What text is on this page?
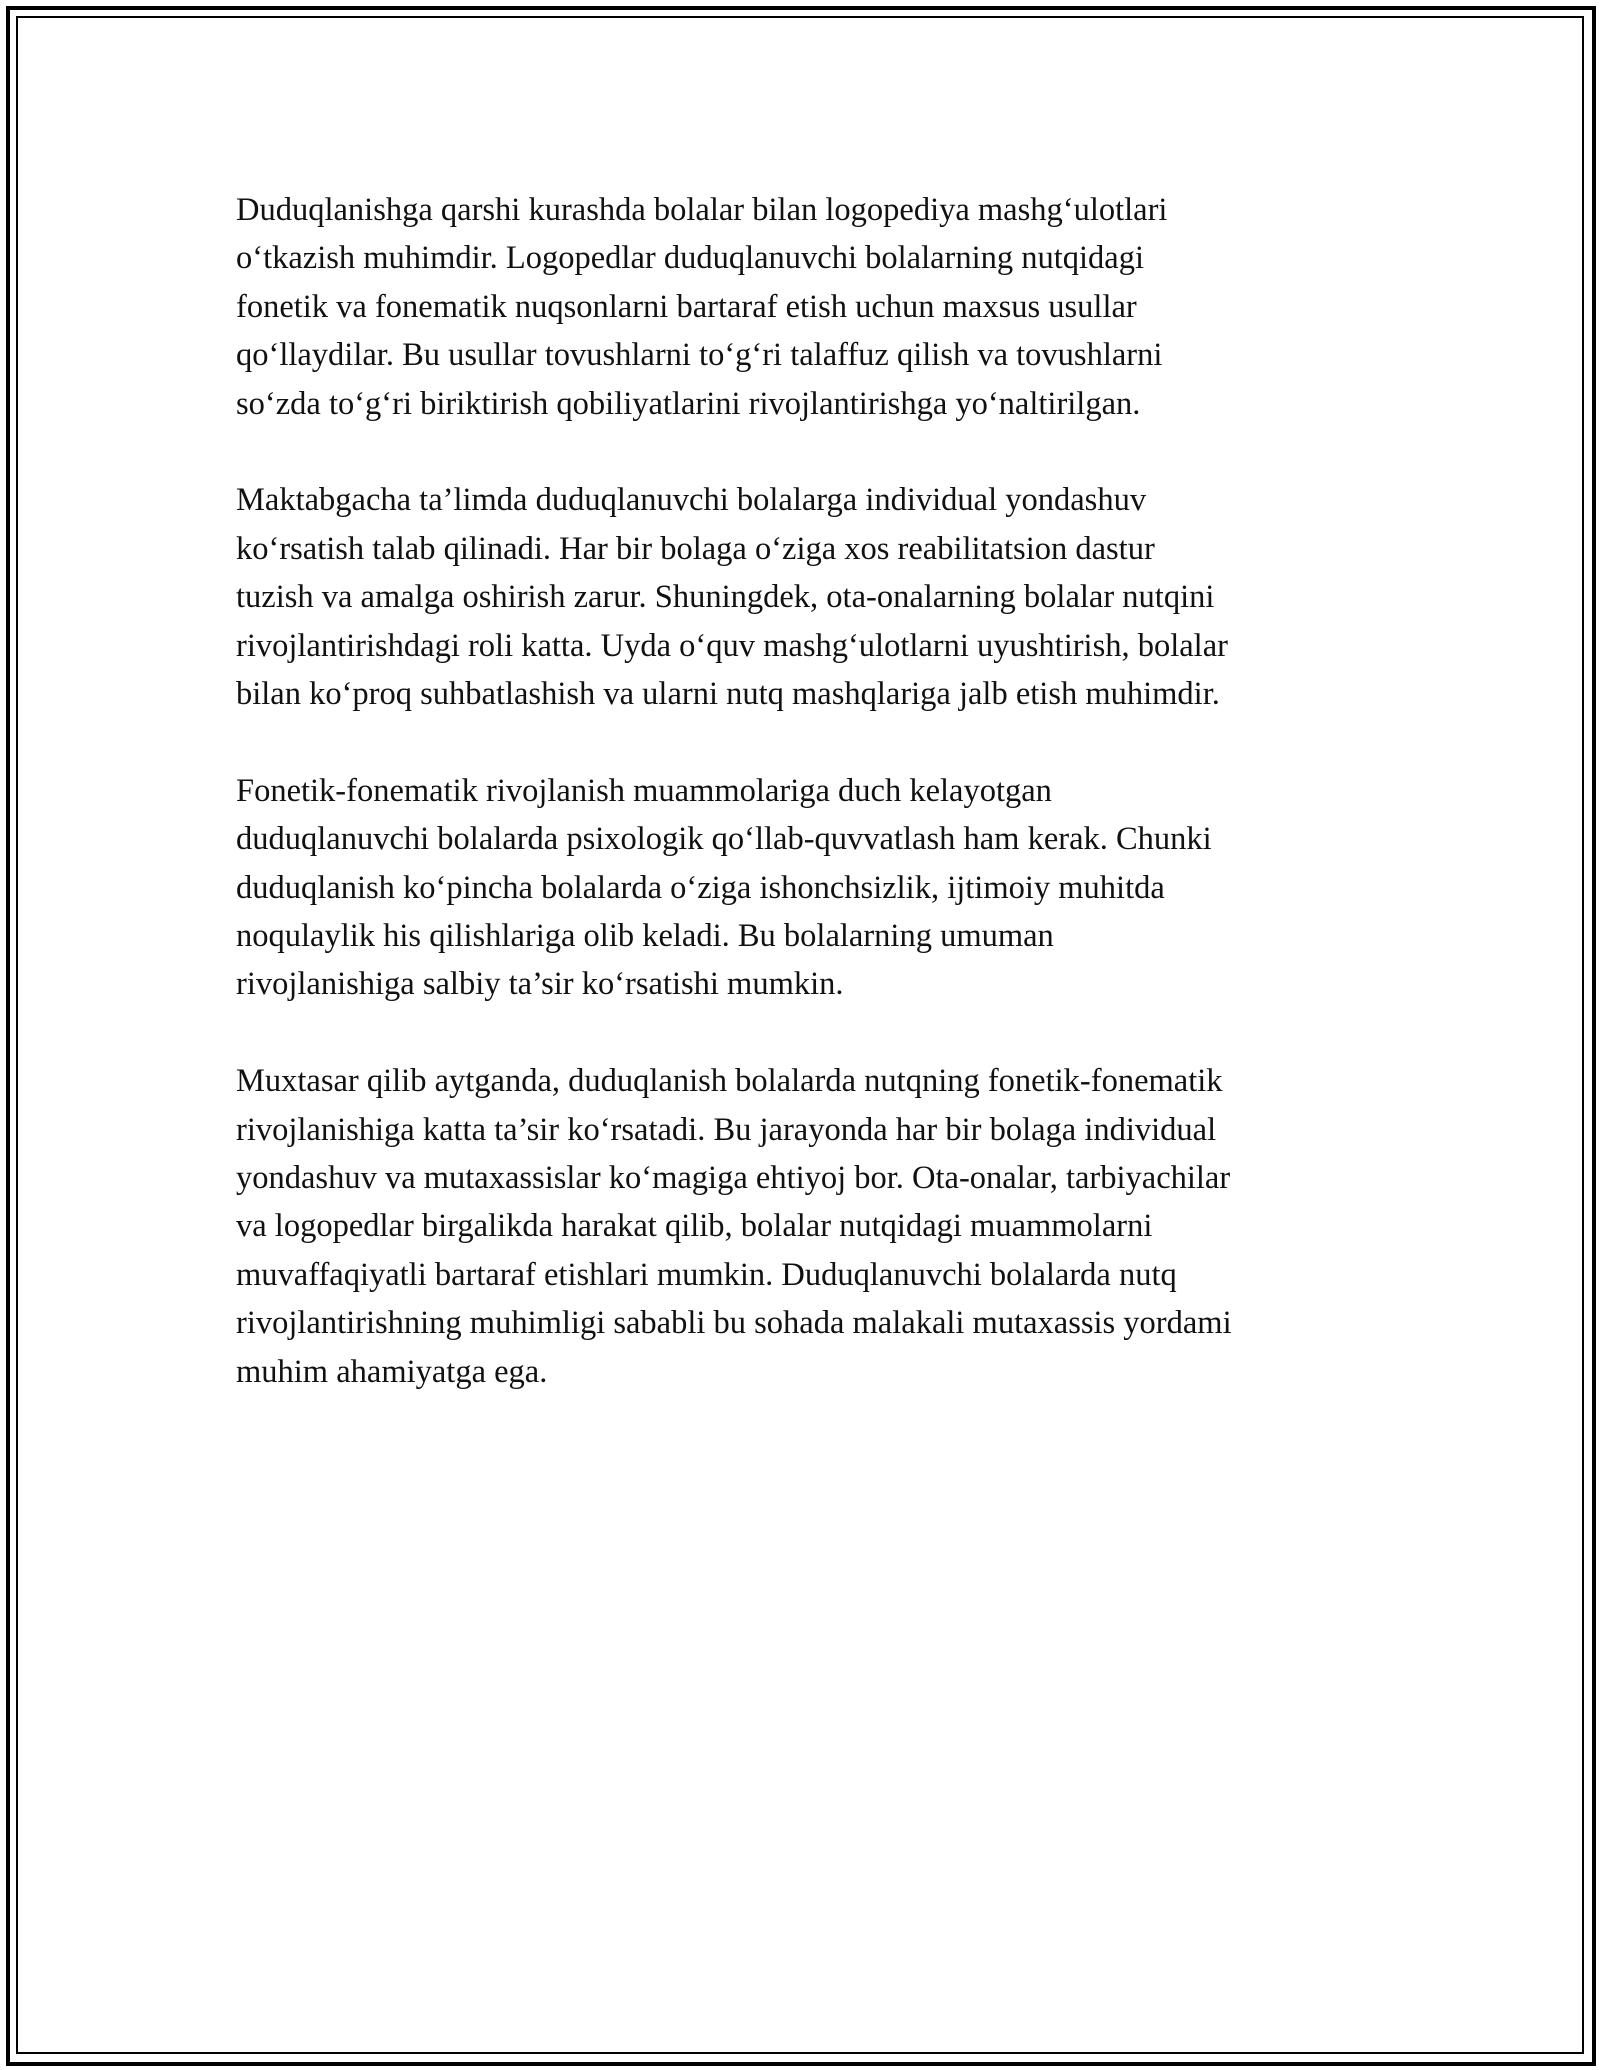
Duduqlanishga qarshi kurashda bolalar bilan logopediya mashg‘ulotlari
o‘tkazish muhimdir. Logopedlar duduqlanuvchi bolalarning nutqidagi
fonetik va fonematik nuqsonlarni bartaraf etish uchun maxsus usullar
qo‘llaydilar. Bu usullar tovushlarni to‘g‘ri talaffuz qilish va tovushlarni
so‘zda to‘g‘ri biriktirish qobiliyatlarini rivojlantirishga yo‘naltirilgan.

Maktabgacha ta’limda duduqlanuvchi bolalarga individual yondashuv
ko‘rsatish talab qilinadi. Har bir bolaga o‘ziga xos reabilitatsion dastur
tuzish va amalga oshirish zarur. Shuningdek, ota-onalarning bolalar nutqini
rivojlantirishdagi roli katta. Uyda o‘quv mashg‘ulotlarni uyushtirish, bolalar
bilan ko‘proq suhbatlashish va ularni nutq mashqlariga jalb etish muhimdir.

Fonetik-fonematik rivojlanish muammolariga duch kelayotgan
duduqlanuvchi bolalarda psixologik qo‘llab-quvvatlash ham kerak. Chunki
duduqlanish ko‘pincha bolalarda o‘ziga ishonchsizlik, ijtimoiy muhitda
noqulaylik his qilishlariga olib keladi. Bu bolalarning umuman
rivojlanishiga salbiy ta’sir ko‘rsatishi mumkin.

Muxtasar qilib aytganda, duduqlanish bolalarda nutqning fonetik-fonematik
rivojlanishiga katta ta’sir ko‘rsatadi. Bu jarayonda har bir bolaga individual
yondashuv va mutaxassislar ko‘magiga ehtiyoj bor. Ota-onalar, tarbiyachilar
va logopedlar birgalikda harakat qilib, bolalar nutqidagi muammolarni
muvaffaqiyatli bartaraf etishlari mumkin. Duduqlanuvchi bolalarda nutq
rivojlantirishning muhimligi sababli bu sohada malakali mutaxassis yordami
muhim ahamiyatga ega.
